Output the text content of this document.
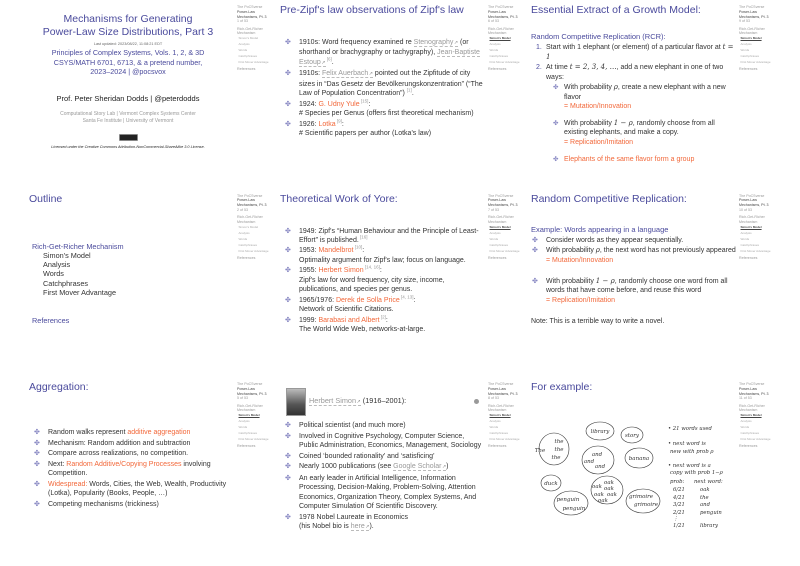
The PoCSverse
Power-Law
Mechanisms, Pt. 3
1 of 53
Rich-Get-Richer
Mechanism
Simon's Model
Analysis
Words
Catchphrases
First Mover Advantage
References
Mechanisms for Generating
Power-Law Size Distributions, Part 3
Last updated: 2023/08/22, 11:08:21 EDT
Principles of Complex Systems, Vols. 1, 2, & 3D
CSYS/MATH 6701, 6713, & a pretend number,
2023–2024 | @pocsvox
Prof. Peter Sheridan Dodds | @peterdodds
Computational Story Lab | Vermont Complex Systems Center
Santa Fe Institute | University of Vermont
Licensed under the Creative Commons Attribution-NonCommercial-ShareAlike 3.0 License.
The PoCSverse
Power-Law
Mechanisms, Pt. 3
6 of 53
Rich-Get-Richer
Mechanism
Simon's Model
Analysis
Words
Catchphrases
First Mover Advantage
References
Pre-Zipf's law observations of Zipf's law
✤ 1910s: Word frequency examined re Stenography ↗ (or shorthand or brachygraphy or tachygraphy), Jean-Baptiste Estoup ↗ [6].
✤ 1910s: Felix Auerbach ↗ pointed out the Zipfitude of city sizes in “Das Gesetz der Bevölkerungskonzentration” (“The Law of Population Concentration”) [1].
✤ 1924: G. Udny Yule [15]:
# Species per Genus (offers first theoretical mechanism)
✤ 1926: Lotka [9]:
# Scientific papers per author (Lotka's law)
The PoCSverse
Power-Law
Mechanisms, Pt. 3
9 of 53
Rich-Get-Richer
Mechanism
Simon's Model
Analysis
Words
Catchphrases
First Mover Advantage
References
Essential Extract of a Growth Model:
Random Competitive Replication (RCR):
1. Start with 1 elephant (or element) of a particular flavor at t = 1
2. At time t = 2, 3, 4, …, add a new elephant in one of two ways:
✤ With probability ρ, create a new elephant with a new flavor
= Mutation/Innovation
✤ With probability 1 − ρ, randomly choose from all existing elephants, and make a copy.
= Replication/Imitation
✤ Elephants of the same flavor form a group
The PoCSverse
Power-Law
Mechanisms, Pt. 3
2 of 53
Rich-Get-Richer
Mechanism
Simon's Model
Analysis
Words
Catchphrases
First Mover Advantage
References
Outline
Rich-Get-Richer Mechanism
Simon's Model
Analysis
Words
Catchphrases
First Mover Advantage
References
The PoCSverse
Power-Law
Mechanisms, Pt. 3
7 of 53
Rich-Get-Richer
Mechanism
Simon's Model
Analysis
Words
Catchphrases
First Mover Advantage
References
Theoretical Work of Yore:
✤ 1949: Zipf's “Human Behaviour and the Principle of Least-Effort” is published. [16]
✤ 1953: Mandelbrot [10]:
Optimality argument for Zipf's law; focus on language.
✤ 1955: Herbert Simon [14, 16]:
Zipf's law for word frequency, city size, income, publications, and species per genus.
✤ 1965/1976: Derek de Solla Price [4, 13]:
Network of Scientific Citations.
✤ 1999: Barabasi and Albert [2]:
The World Wide Web, networks-at-large.
The PoCSverse
Power-Law
Mechanisms, Pt. 3
10 of 53
Rich-Get-Richer
Mechanism
Simon's Model
Analysis
Words
Catchphrases
First Mover Advantage
References
Random Competitive Replication:
Example: Words appearing in a language
✤ Consider words as they appear sequentially.
✤ With probability ρ, the next word has not previously appeared
= Mutation/Innovation
✤ With probability 1 − ρ, randomly choose one word from all words that have come before, and reuse this word
= Replication/Imitation
Note: This is a terrible way to write a novel.
The PoCSverse
Power-Law
Mechanisms, Pt. 3
5 of 53
Rich-Get-Richer
Mechanism
Simon's Model
Analysis
Words
Catchphrases
First Mover Advantage
References
Aggregation:
✤ Random walks represent additive aggregation
✤ Mechanism: Random addition and subtraction
✤ Compare across realizations, no competition.
✤ Next: Random Additive/Copying Processes involving Competition.
✤ Widespread: Words, Cities, the Web, Wealth, Productivity (Lotka), Popularity (Books, People, …)
✤ Competing mechanisms (trickiness)
The PoCSverse
Power-Law
Mechanisms, Pt. 3
8 of 53
Rich-Get-Richer
Mechanism
Simon's Model
Analysis
Words
Catchphrases
First Mover Advantage
References
✤ Political scientist (and much more)
✤ Involved in Cognitive Psychology, Computer Science, Public Administration, Economics, Management, Sociology
✤ Coined ‘bounded rationality’ and ‘satisficing’
✤ Nearly 1000 publications (see Google Scholar ↗ )
✤ An early leader in Artificial Intelligence, Information Processing, Decision-Making, Problem-Solving, Attention Economics, Organization Theory, Complex Systems, And Computer Simulation Of Scientific Discovery.
✤ 1978 Nobel Laureate in Economics
(his Nobel bio is here ↗ ).
Herbert Simon ↗ (1916–2001):
The PoCSverse
Power-Law
Mechanisms, Pt. 3
11 of 53
Rich-Get-Richer
Mechanism
Simon's Model
Analysis
Words
Catchphrases
First Mover Advantage
References
For example:
The
the
the
the
library
story
and
and
and
banana
duck	oak
oak
oak
oak oak
oak
penguin
penguin
grimoire
grimoire
• 21 words used
• next word is
new with prob ρ
• next word is a
copy with prob 1−ρ
prob: next word:
6/21	oak
4/21	the
3/21	and
2/21	penguin
⋮
1/21	library
